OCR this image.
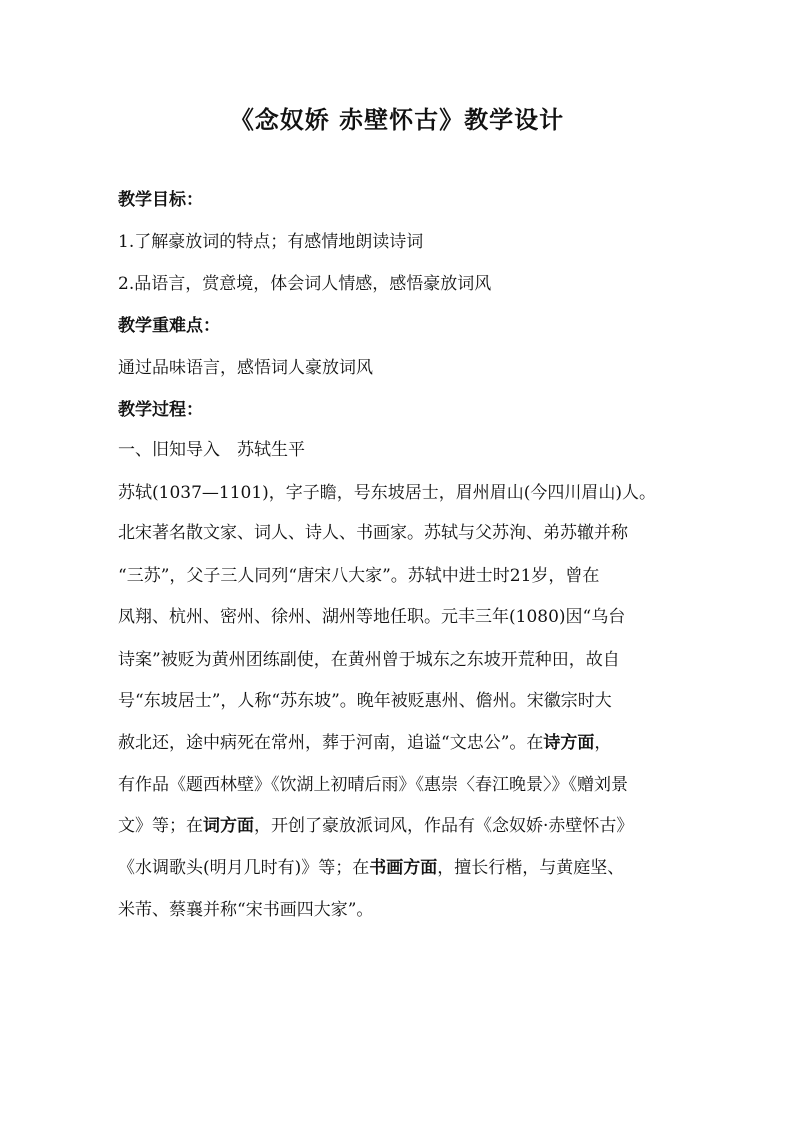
《念奴娇 赤壁怀古》教学设计
教学目标：
1.了解豪放词的特点；有感情地朗读诗词
2.品语言，赏意境，体会词人情感，感悟豪放词风
教学重难点：
通过品味语言，感悟词人豪放词风
教学过程：
一、旧知导入　苏轼生平
苏轼(1037—1101)，字子瞻，号东坡居士，眉州眉山(今四川眉山)人。
北宋著名散文家、词人、诗人、书画家。苏轼与父苏洵、弟苏辙并称
“三苏”，父子三人同列“唐宋八大家”。苏轼中进士时21岁，曾在
凤翔、杭州、密州、徐州、湖州等地任职。元丰三年(1080)因“乌台
诗案”被贬为黄州团练副使，在黄州曾于城东之东坡开荒种田，故自
号“东坡居士”，人称“苏东坡”。晚年被贬惠州、儋州。宋徽宗时大
赦北还，途中病死在常州，葬于河南，追谥“文忠公”。在诗方面，
有作品《题西林壁》《饮湖上初晴后雨》《惠崇〈春江晚景〉》《赠刘景
文》等；在词方面，开创了豪放派词风，作品有《念奴娇·赤壁怀古》
《水调歌头(明月几时有)》等；在书画方面，擅长行楷，与黄庭坚、
米芾、蔡襄并称“宋书画四大家”。
